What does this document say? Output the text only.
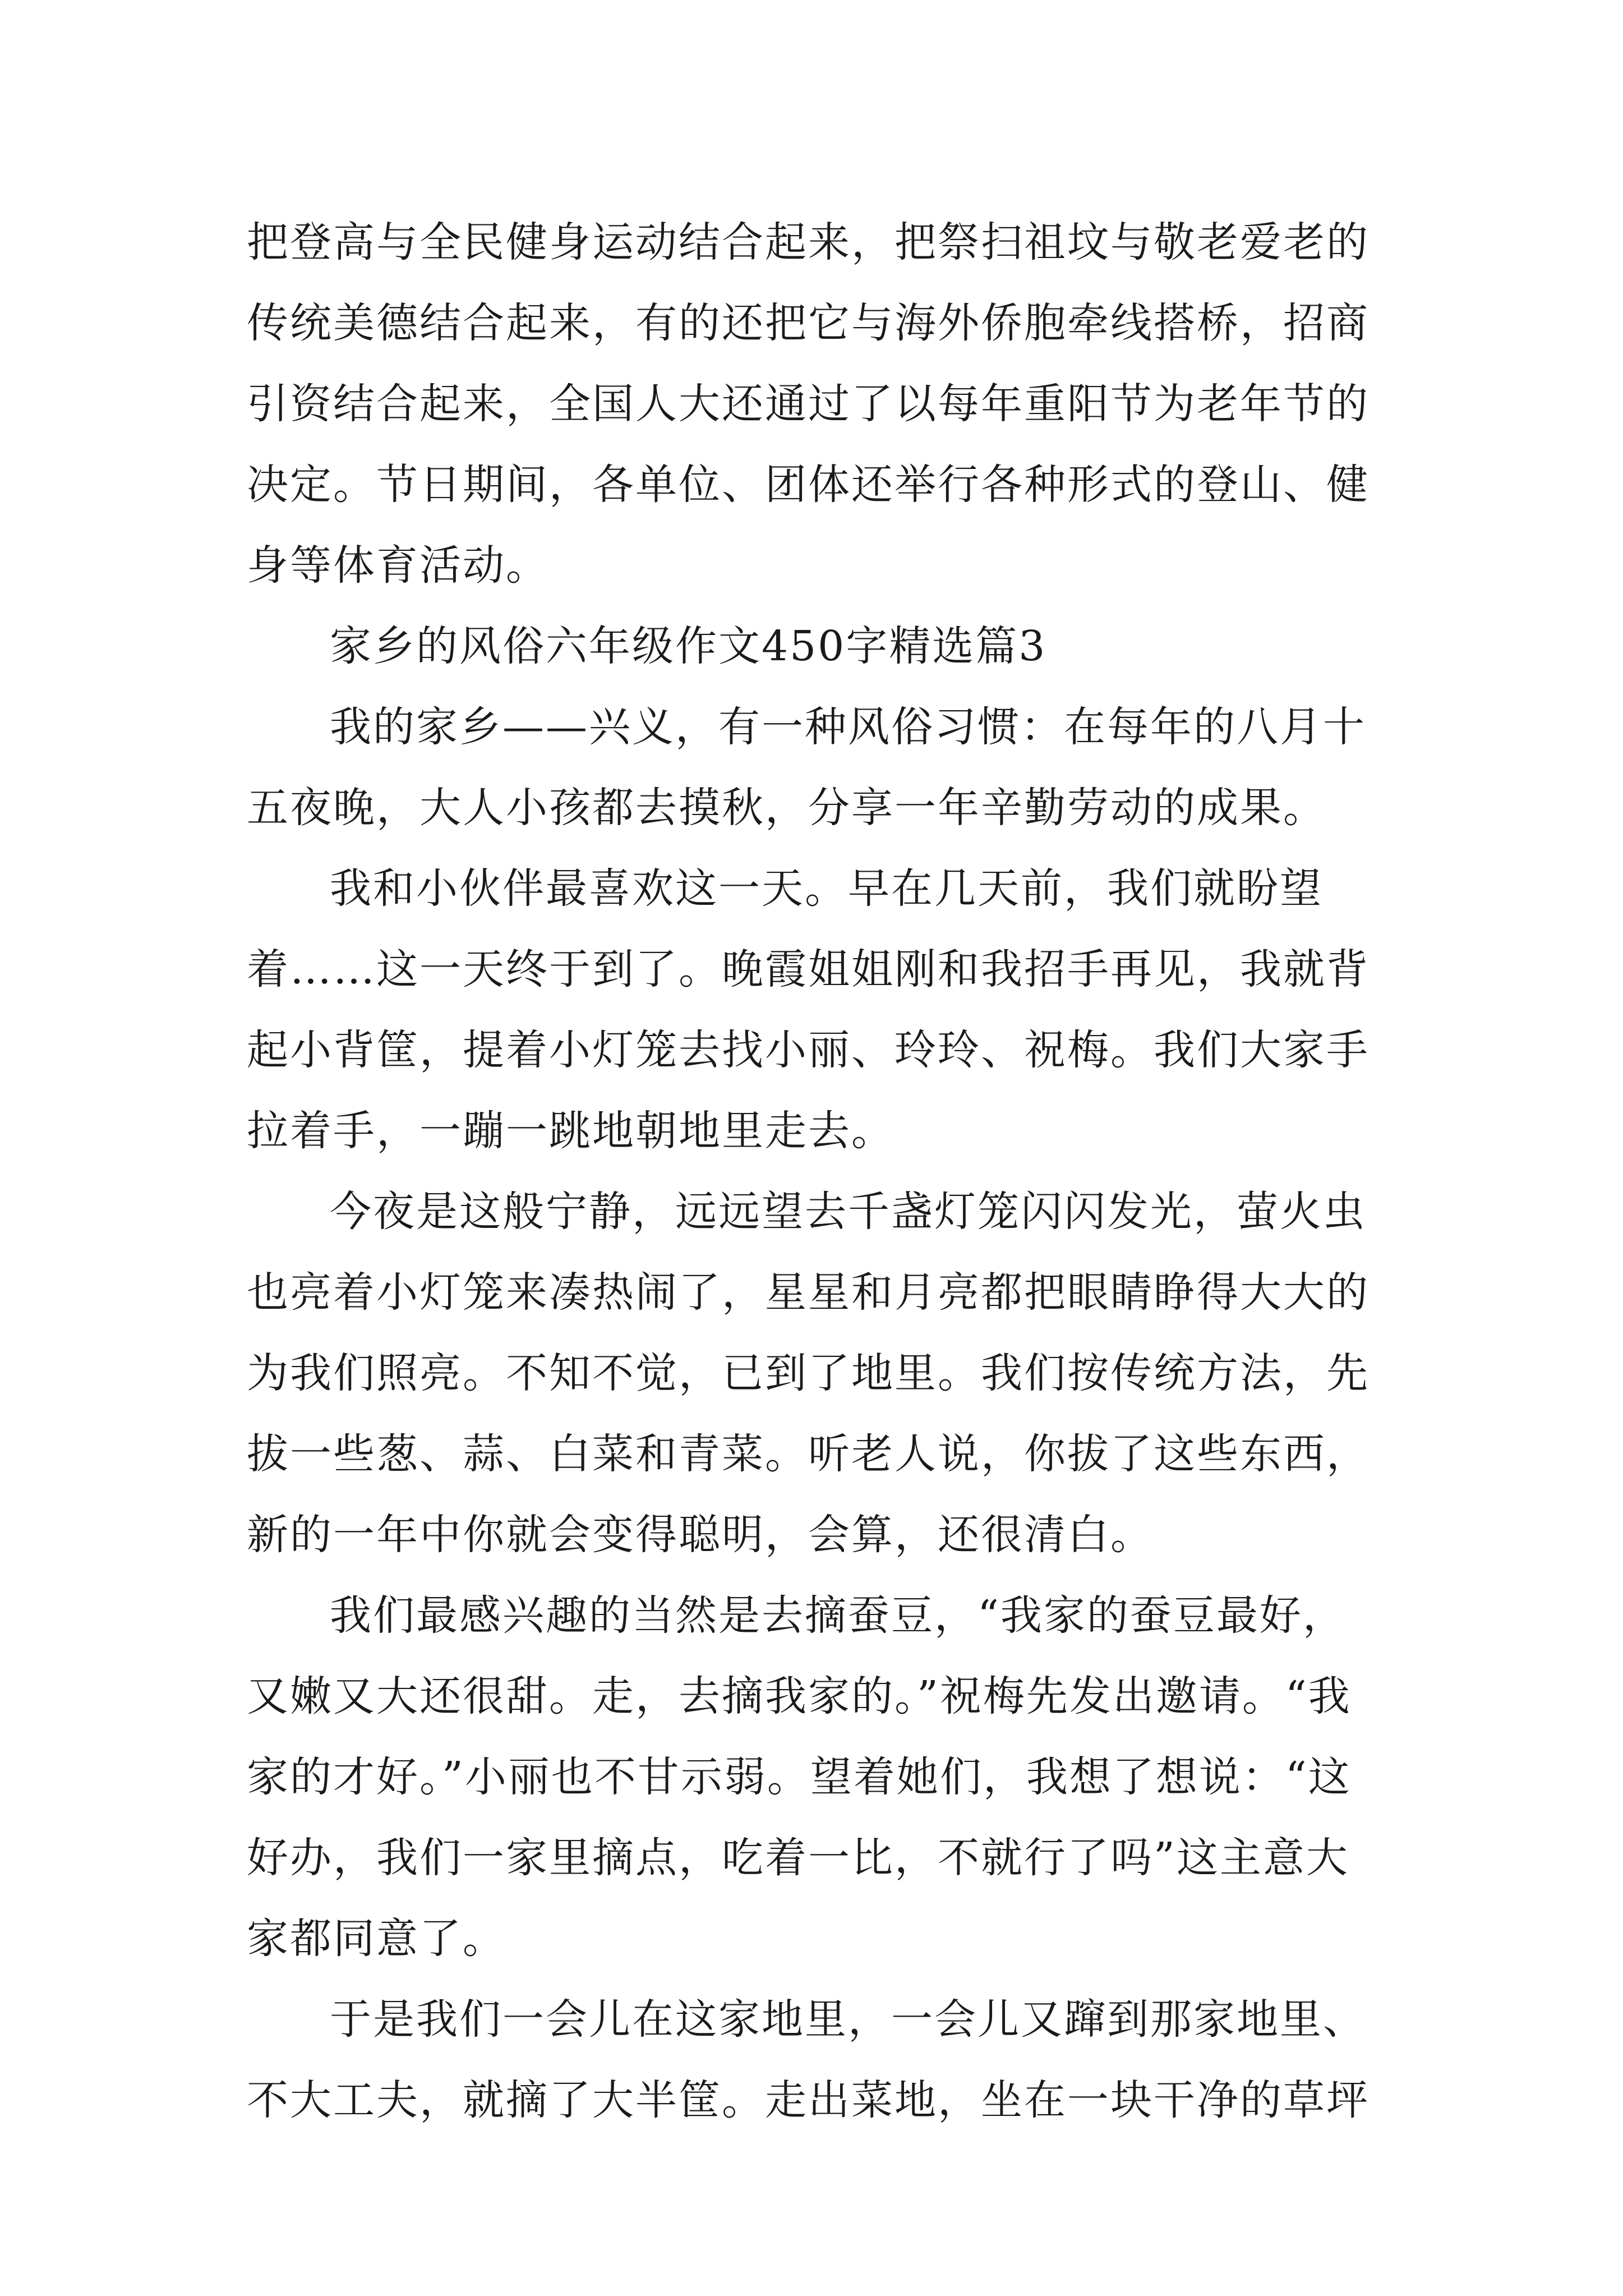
把登高与全民健身运动结合起来，把祭扫祖坟与敬老爱老的

传统美德结合起来，有的还把它与海外侨胞牵线搭桥，招商

引资结合起来，全国人大还通过了以每年重阳节为老年节的

决定。节日期间，各单位、团体还举行各种形式的登山、健

身等体育活动。

家乡的风俗六年级作文450字精选篇3

我的家乡——兴义，有一种风俗习惯：在每年的八月十

五夜晚，大人小孩都去摸秋，分享一年辛勤劳动的成果。

我和小伙伴最喜欢这一天。早在几天前，我们就盼望

着……这一天终于到了。晚霞姐姐刚和我招手再见，我就背

起小背筐，提着小灯笼去找小丽、玲玲、祝梅。我们大家手

拉着手，一蹦一跳地朝地里走去。

今夜是这般宁静，远远望去千盏灯笼闪闪发光，萤火虫

也亮着小灯笼来凑热闹了，星星和月亮都把眼睛睁得大大的

为我们照亮。不知不觉，已到了地里。我们按传统方法，先

拔一些葱、蒜、白菜和青菜。听老人说，你拔了这些东西，

新的一年中你就会变得聪明，会算，还很清白。

我们最感兴趣的当然是去摘蚕豆，“我家的蚕豆最好，

又嫩又大还很甜。走，去摘我家的。”祝梅先发出邀请。“我

家的才好。”小丽也不甘示弱。望着她们，我想了想说：“这

好办，我们一家里摘点，吃着一比，不就行了吗”这主意大

家都同意了。

于是我们一会儿在这家地里，一会儿又蹿到那家地里、

不大工夫，就摘了大半筐。走出菜地，坐在一块干净的草坪
